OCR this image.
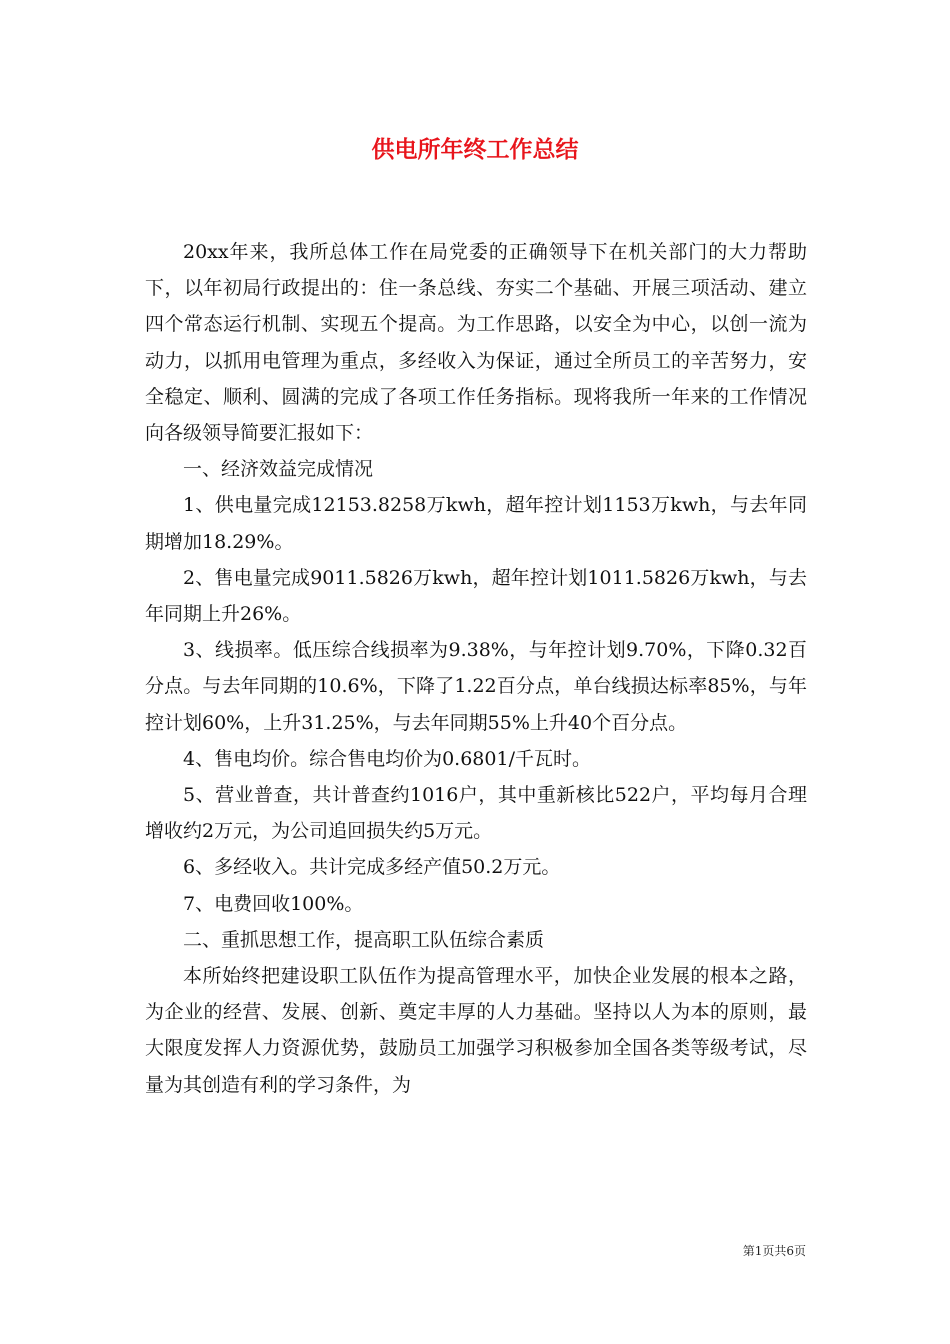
供电所年终工作总结

20xx年来，我所总体工作在局党委的正确领导下在机关部门的大力帮助下，以年初局行政提出的：住一条总线、夯实二个基础、开展三项活动、建立四个常态运行机制、实现五个提高。为工作思路，以安全为中心，以创一流为动力，以抓用电管理为重点，多经收入为保证，通过全所员工的辛苦努力，安全稳定、顺利、圆满的完成了各项工作任务指标。现将我所一年来的工作情况向各级领导简要汇报如下：

一、经济效益完成情况

1、供电量完成12153.8258万kwh，超年控计划1153万kwh，与去年同期增加18.29%。

2、售电量完成9011.5826万kwh，超年控计划1011.5826万kwh，与去年同期上升26%。

3、线损率。低压综合线损率为9.38%，与年控计划9.70%，下降0.32百分点。与去年同期的10.6%，下降了1.22百分点，单台线损达标率85%，与年控计划60%，上升31.25%，与去年同期55%上升40个百分点。

4、售电均价。综合售电均价为0.6801/千瓦时。

5、营业普查，共计普查约1016户，其中重新核比522户，平均每月合理增收约2万元，为公司追回损失约5万元。

6、多经收入。共计完成多经产值50.2万元。

7、电费回收100%。

二、重抓思想工作，提高职工队伍综合素质

本所始终把建设职工队伍作为提高管理水平，加快企业发展的根本之路，为企业的经营、发展、创新、奠定丰厚的人力基础。坚持以人为本的原则，最大限度发挥人力资源优势，鼓励员工加强学习积极参加全国各类等级考试，尽量为其创造有利的学习条件，为

第1页共6页
